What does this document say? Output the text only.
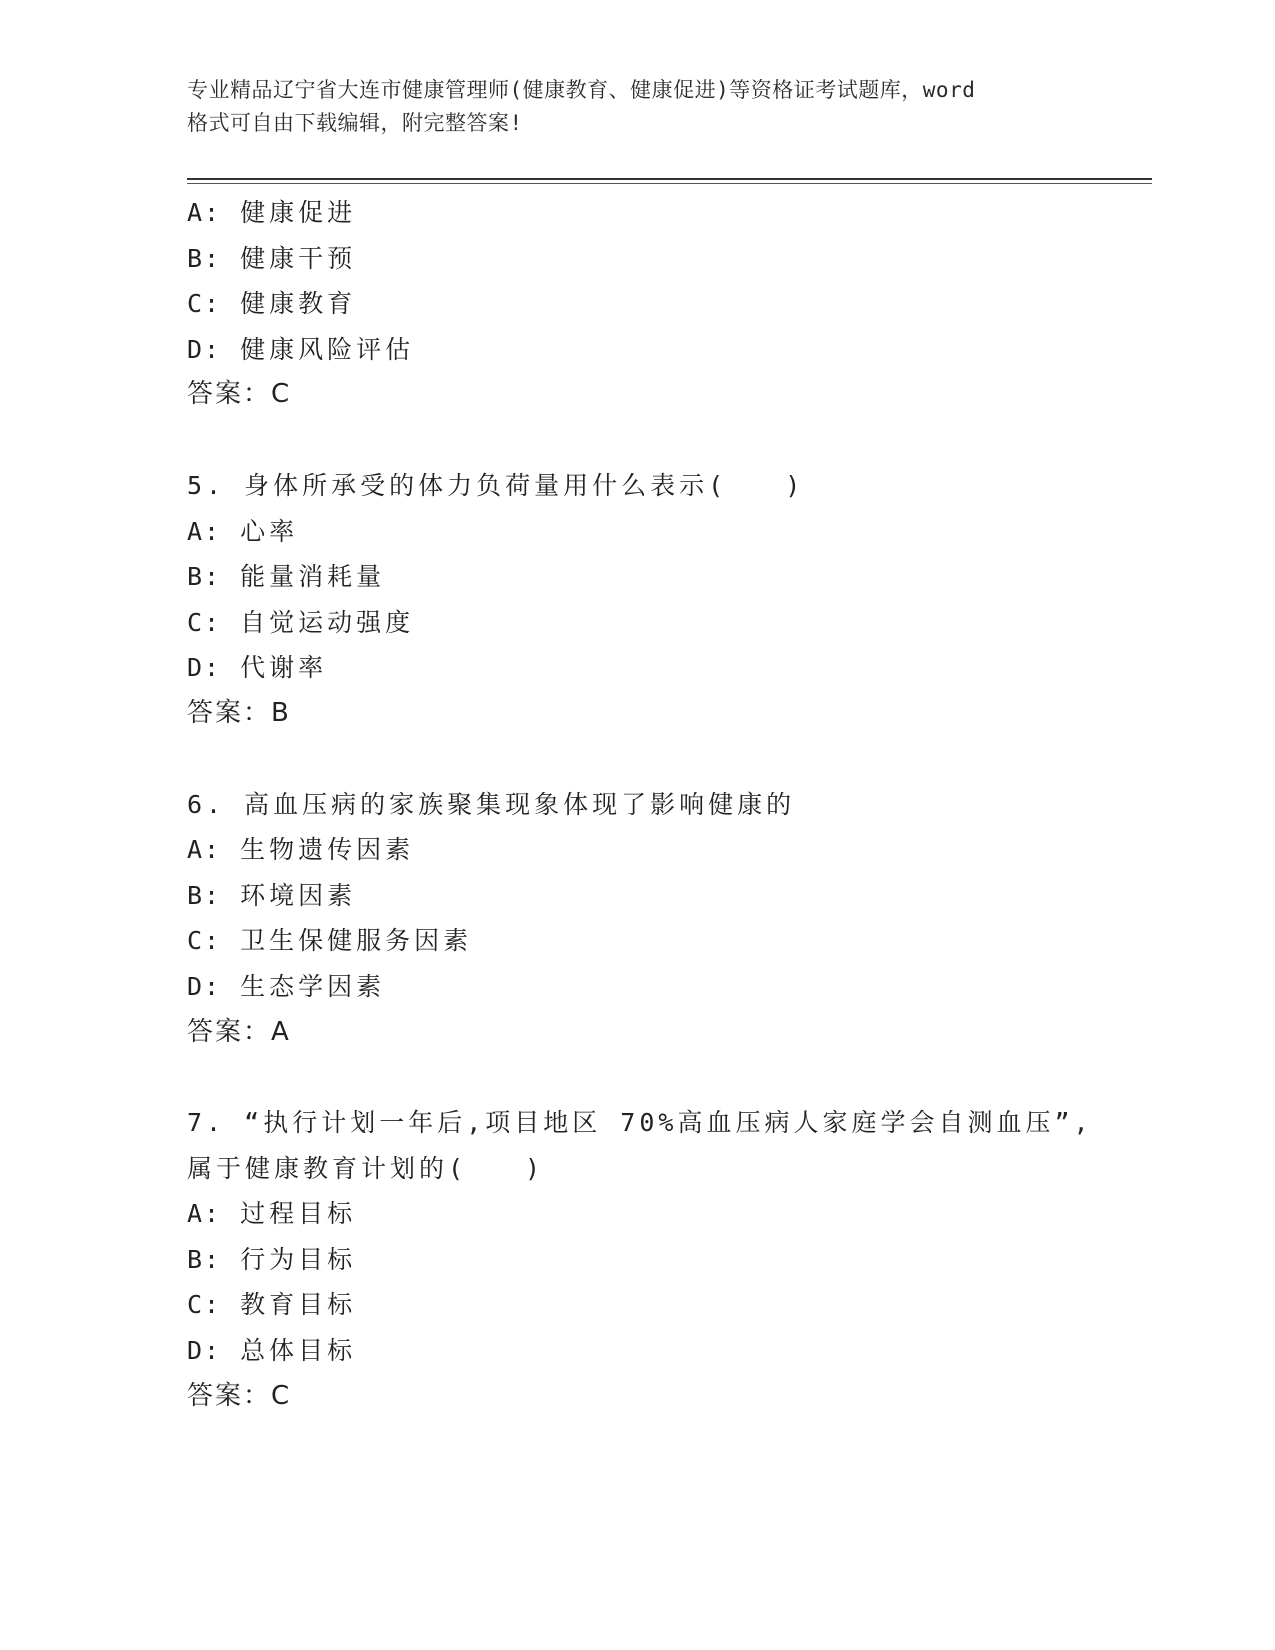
专业精品辽宁省大连市健康管理师(健康教育、健康促进)等资格证考试题库，word
格式可自由下载编辑，附完整答案!
A: 健康促进
B: 健康干预
C: 健康教育
D: 健康风险评估
答案：C
5. 身体所承受的体力负荷量用什么表示(　　)
A: 心率
B: 能量消耗量
C: 自觉运动强度
D: 代谢率
答案：B
6. 高血压病的家族聚集现象体现了影响健康的
A: 生物遗传因素
B: 环境因素
C: 卫生保健服务因素
D: 生态学因素
答案：A
7. “执行计划一年后,项目地区 70%高血压病人家庭学会自测血压”,
属于健康教育计划的(　　)
A: 过程目标
B: 行为目标
C: 教育目标
D: 总体目标
答案：C
